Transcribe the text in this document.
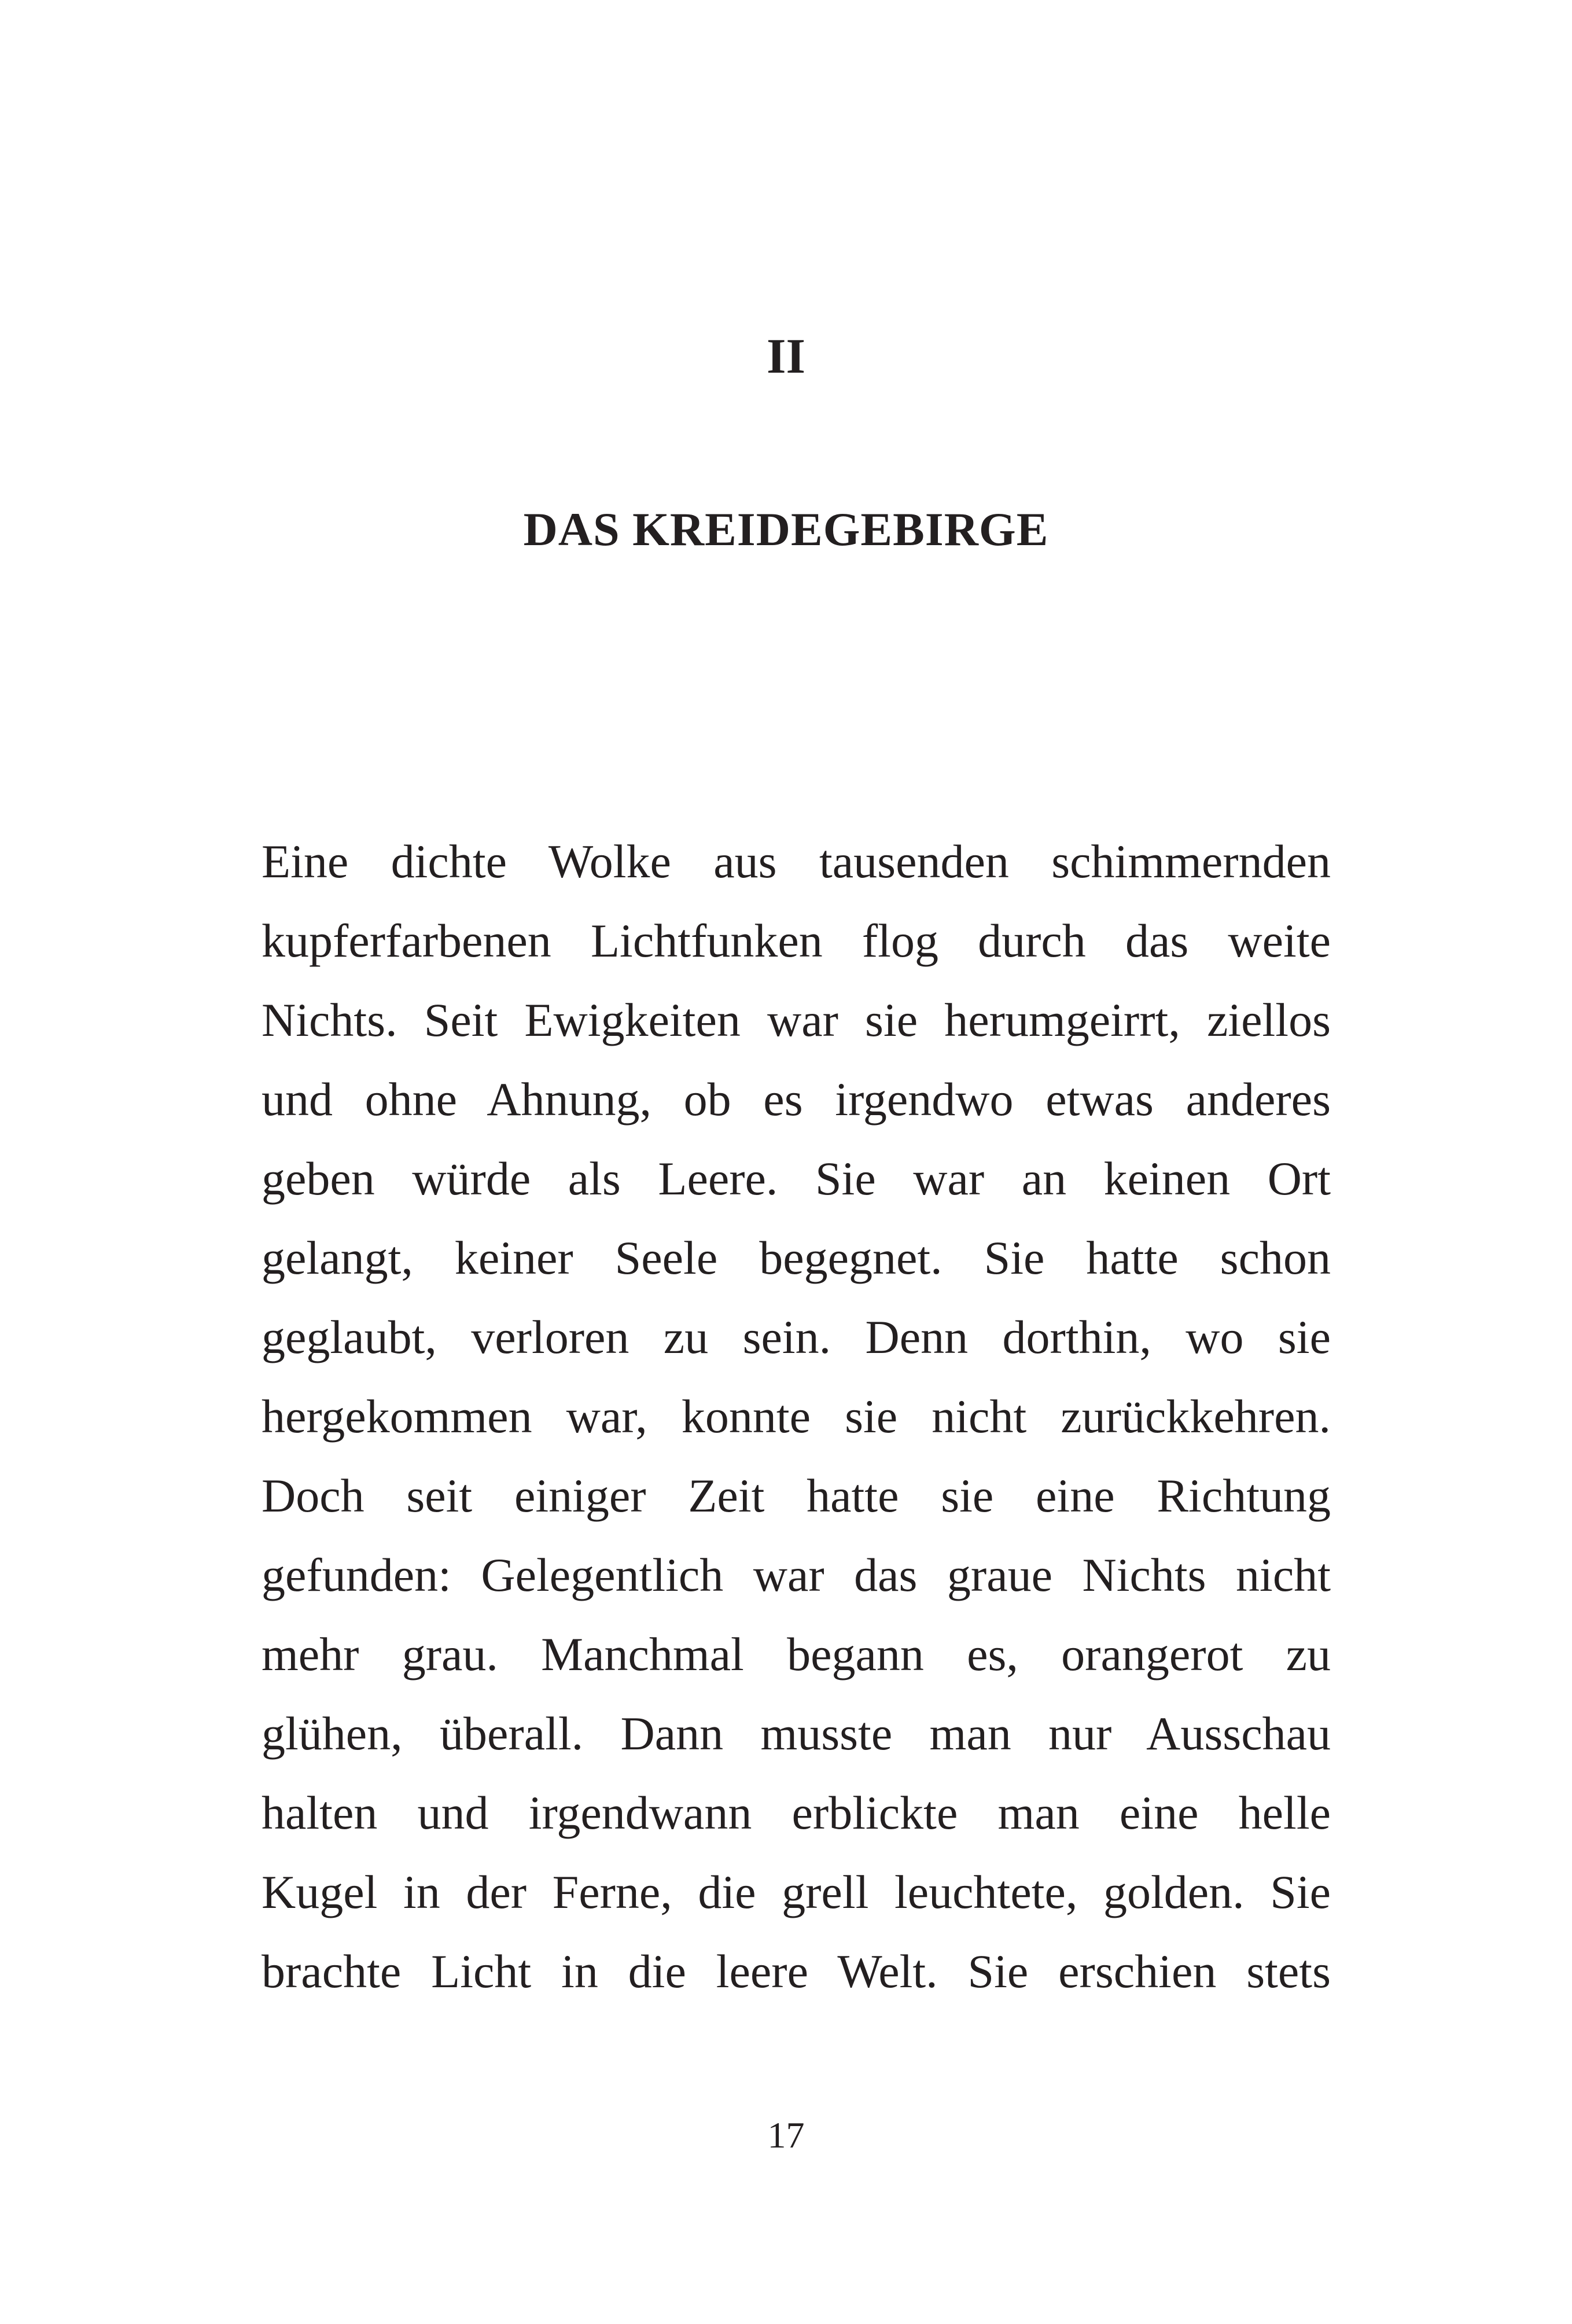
II
DAS KREIDEGEBIRGE
Eine dichte Wolke aus tausenden schimmernden
kupferfarbenen Lichtfunken flog durch das weite
Nichts. Seit Ewigkeiten war sie herumgeirrt, ziellos
und ohne Ahnung, ob es irgendwo etwas anderes
geben würde als Leere. Sie war an keinen Ort
gelangt, keiner Seele begegnet. Sie hatte schon
geglaubt, verloren zu sein. Denn dorthin, wo sie
hergekommen war, konnte sie nicht zurückkehren.
Doch seit einiger Zeit hatte sie eine Richtung
gefunden: Gelegentlich war das graue Nichts nicht
mehr grau. Manchmal begann es, orangerot zu
glühen, überall. Dann musste man nur Ausschau
halten und irgendwann erblickte man eine helle
Kugel in der Ferne, die grell leuchtete, golden. Sie
brachte Licht in die leere Welt. Sie erschien stets
17
